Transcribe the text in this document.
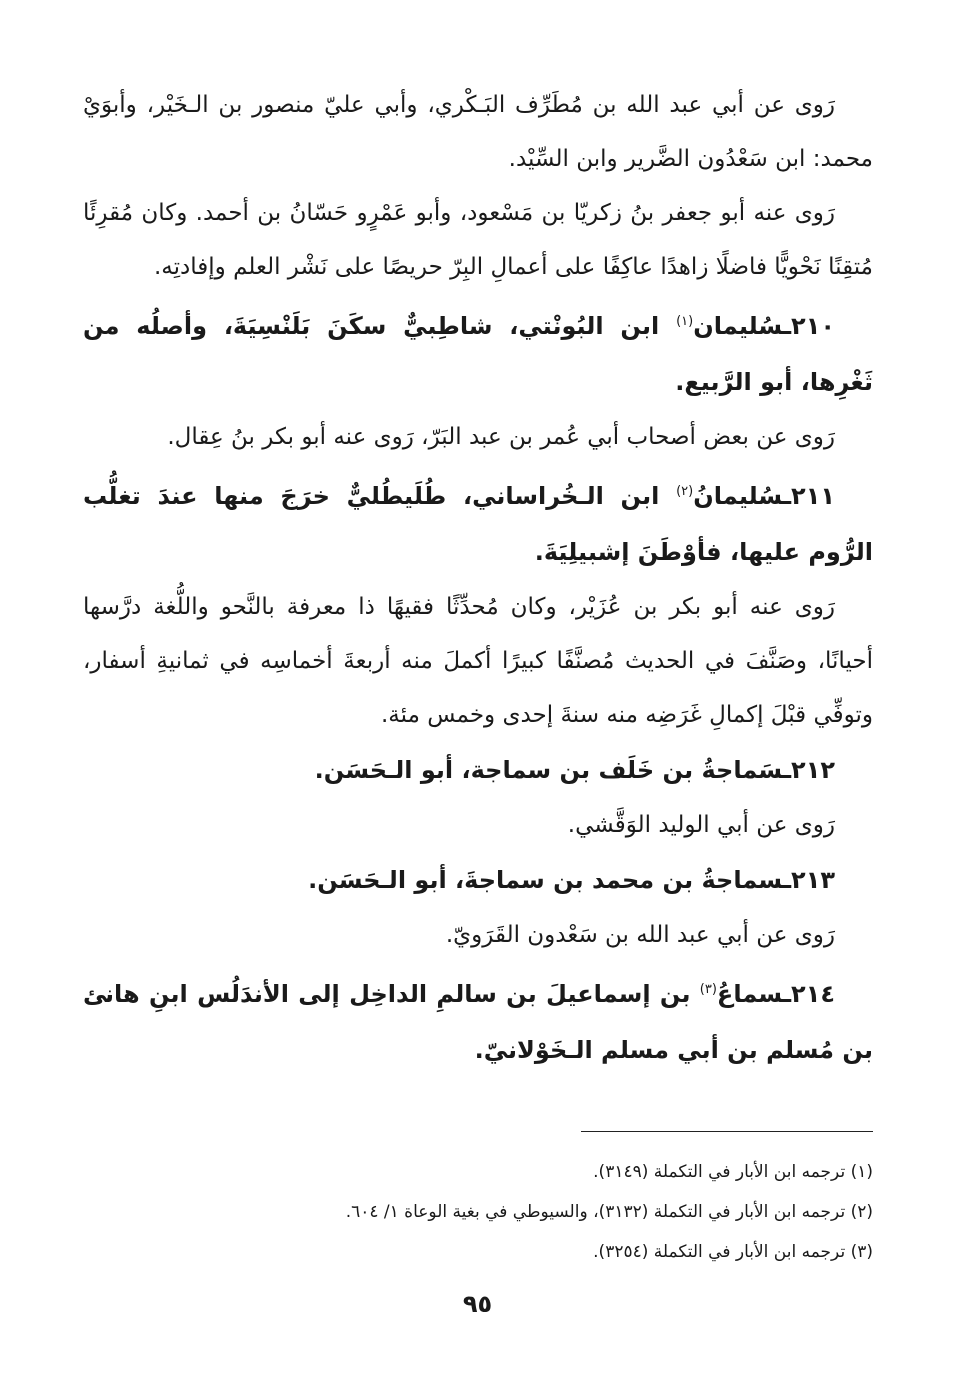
رَوى عن أبي عبد الله بن مُطَرِّف البَـكْري، وأبي عليّ منصور بن الـخَيْر، وأبوَيْ محمد: ابن سَعْدُون الضَّرير وابن السِّيْد.

رَوى عنه أبو جعفر بنُ زكريّا بن مَسْعود، وأبو عَمْرٍو حَسّانُ بن أحمد. وكان مُقرِئًا مُتقِنًا نَحْويًّا فاضلًا زاهدًا عاكِفًا على أعمالِ البِرّ حريصًا على نَشْر العلم وإفادتِه.

٢١٠ـسُليمان$^{(١)}$ ابن البُونْتي، شاطِبيٌّ سكَنَ بَلَنْسِيَةَ، وأصلُه من ثَغْرِها، أبو الرَّبيع.

رَوى عن بعض أصحاب أبي عُمر بن عبد البَرّ، رَوى عنه أبو بكر بنُ عِقال.

٢١١ـسُليمانُ$^{(٢)}$ ابن الـخُراساني، طُلَيطُليٌّ خرَجَ منها عندَ تغلُّب الرُّوم عليها، فأوْطَنَ إشبيلِيَةَ.

رَوى عنه أبو بكر بن عُزَيْر، وكان مُحدِّثًا فقيهًا ذا معرفة بالنَّحو واللُّغة درَّسها أحيانًا، وصَنَّفَ في الحديث مُصنَّفًا كبيرًا أكملَ منه أربعةَ أخماسِه في ثمانيةِ أسفار، وتوفِّي قبْلَ إكمالِ غَرَضِه منه سنةَ إحدى وخمس مئة.

٢١٢ـسَماجةُ بن خَلَف بن سماجة، أبو الـحَسَن.

رَوى عن أبي الوليد الوَقَّشي.

٢١٣ـسماجةُ بن محمد بن سماجةَ، أبو الـحَسَن.

رَوى عن أبي عبد الله بن سَعْدون القَرَويّ.

٢١٤ـسماعُ$^{(٣)}$ بن إسماعيلَ بن سالمِ الداخِل إلى الأندَلُس ابنِ هانئ بن مُسلم بن أبي مسلم الـخَوْلانيّ.

(١) ترجمه ابن الأبار في التكملة (٣١٤٩).

(٢) ترجمه ابن الأبار في التكملة (٣١٣٢)، والسيوطي في بغية الوعاة ١/ ٦٠٤.

(٣) ترجمه ابن الأبار في التكملة (٣٢٥٤).

٩٥
